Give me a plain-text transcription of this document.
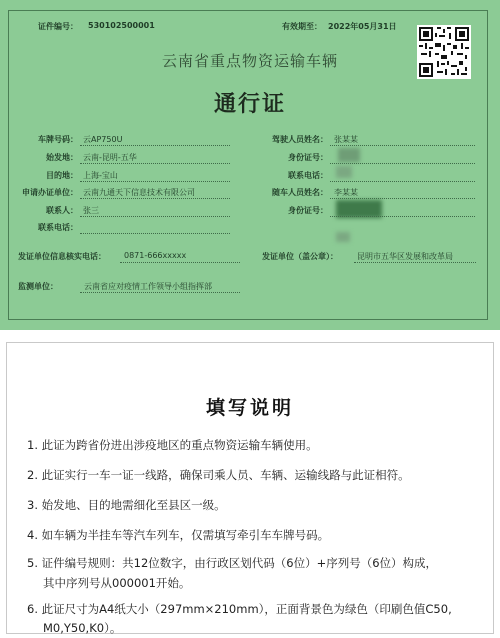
证件编号： 530102500001	有效期至： 2022年05月31日
云南省重点物资运输车辆
通行证
车牌号码： 云AP750U
始发地： 云南-昆明-五华
目的地： 上海-宝山
申请办证单位： 云南九通天下信息技术有限公司
联系人： 张三
联系电话：
驾驶人员姓名： 张某某
身份证号：
联系电话：
随车人员姓名： 李某某
身份证号：
发证单位信息核实电话： 0871-666xxxxx	发证单位（盖公章）： 昆明市五华区发展和改革局
监测单位：	云南省应对疫情工作领导小组指挥部
填写说明
1. 此证为跨省份进出涉疫地区的重点物资运输车辆使用。
2. 此证实行一车一证一线路，确保司乘人员、车辆、运输线路与此证相符。
3. 始发地、目的地需细化至县区一级。
4. 如车辆为半挂车等汽车列车，仅需填写牵引车车牌号码。
5. 证件编号规则：共12位数字，由行政区划代码（6位）+序列号（6位）构成，
其中序列号从000001开始。
6. 此证尺寸为A4纸大小（297mm×210mm），正面背景色为绿色（印刷色值C50,
M0,Y50,K0）。
